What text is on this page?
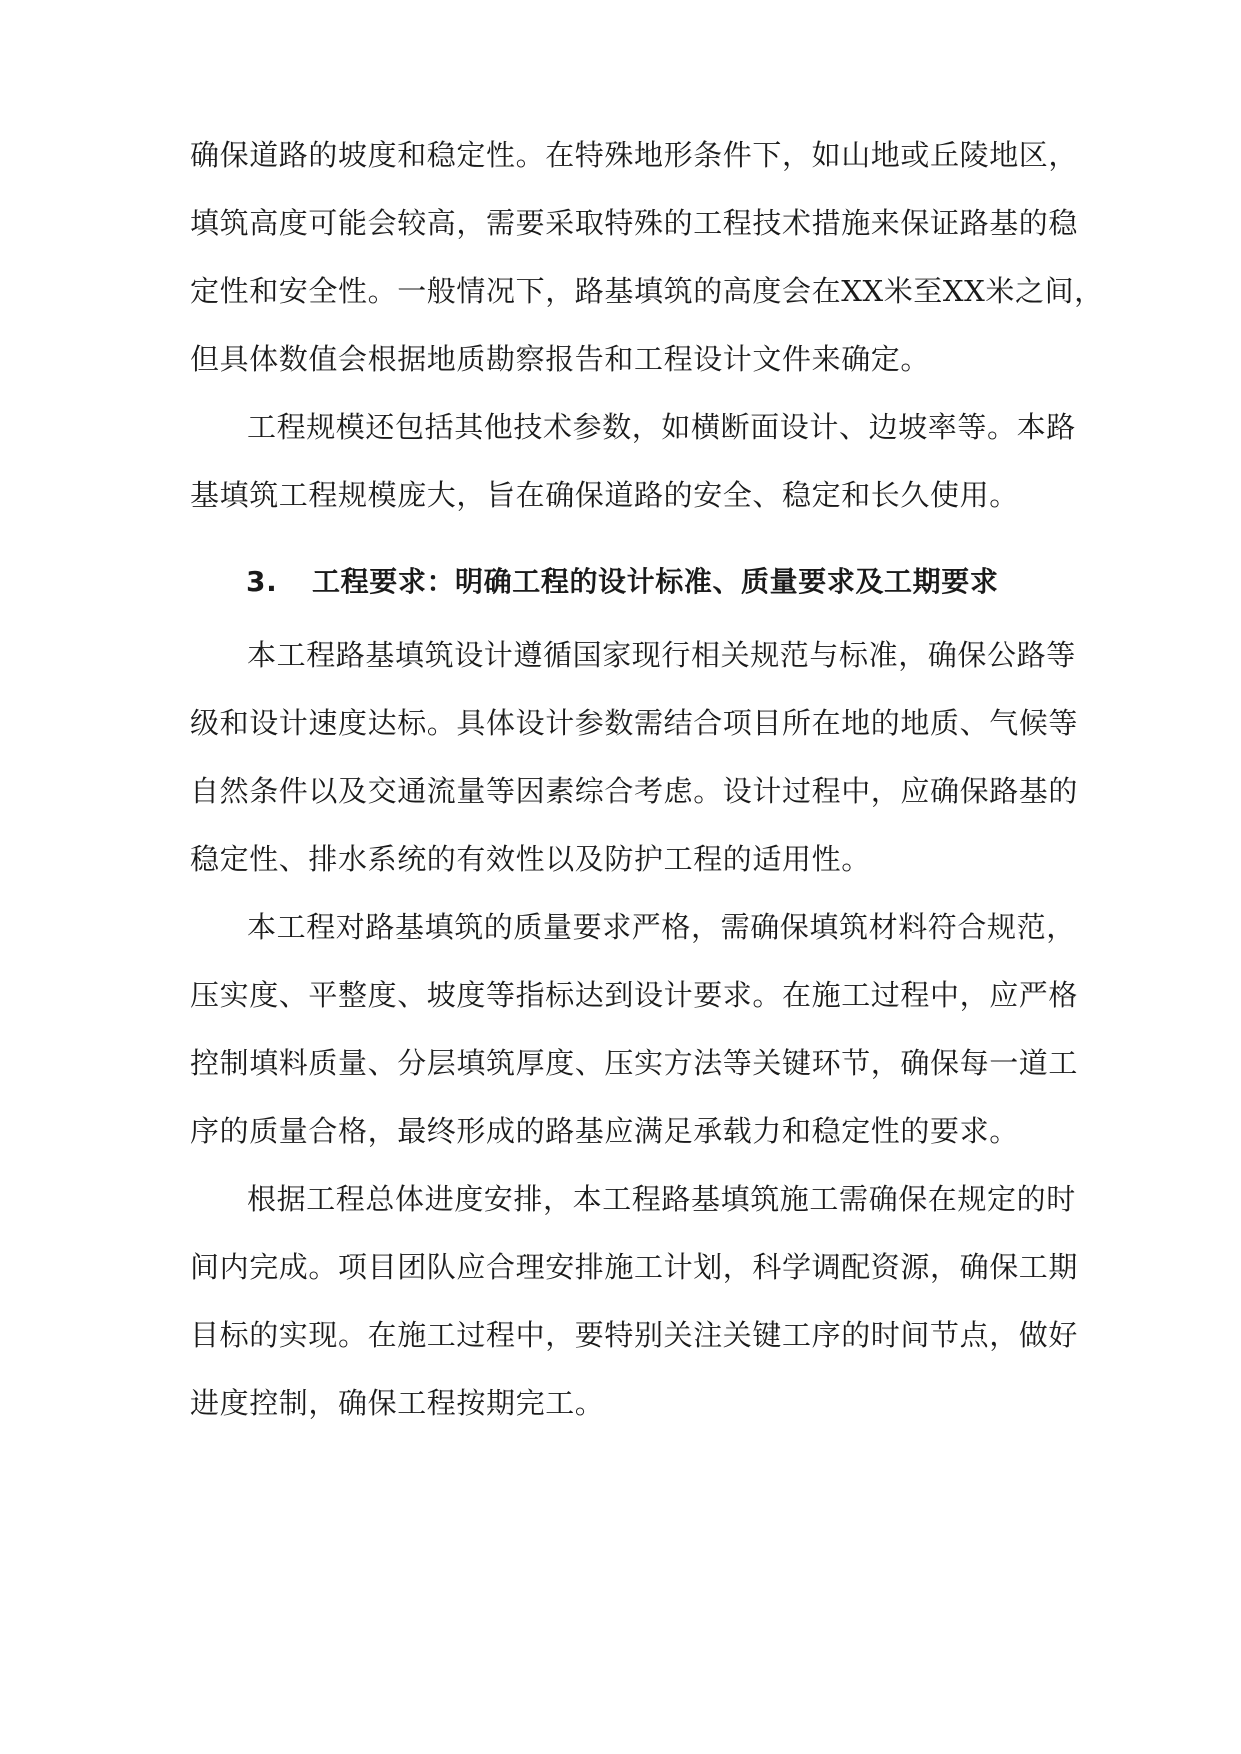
确保道路的坡度和稳定性。在特殊地形条件下，如山地或丘陵地区，
填筑高度可能会较高，需要采取特殊的工程技术措施来保证路基的稳
定性和安全性。一般情况下，路基填筑的高度会在XX米至XX米之间，
但具体数值会根据地质勘察报告和工程设计文件来确定。
工程规模还包括其他技术参数，如横断面设计、边坡率等。本路
基填筑工程规模庞大，旨在确保道路的安全、稳定和长久使用。
3. 工程要求：明确工程的设计标准、质量要求及工期要求
本工程路基填筑设计遵循国家现行相关规范与标准，确保公路等
级和设计速度达标。具体设计参数需结合项目所在地的地质、气候等
自然条件以及交通流量等因素综合考虑。设计过程中，应确保路基的
稳定性、排水系统的有效性以及防护工程的适用性。
本工程对路基填筑的质量要求严格，需确保填筑材料符合规范，
压实度、平整度、坡度等指标达到设计要求。在施工过程中，应严格
控制填料质量、分层填筑厚度、压实方法等关键环节，确保每一道工
序的质量合格，最终形成的路基应满足承载力和稳定性的要求。
根据工程总体进度安排，本工程路基填筑施工需确保在规定的时
间内完成。项目团队应合理安排施工计划，科学调配资源，确保工期
目标的实现。在施工过程中，要特别关注关键工序的时间节点，做好
进度控制，确保工程按期完工。
